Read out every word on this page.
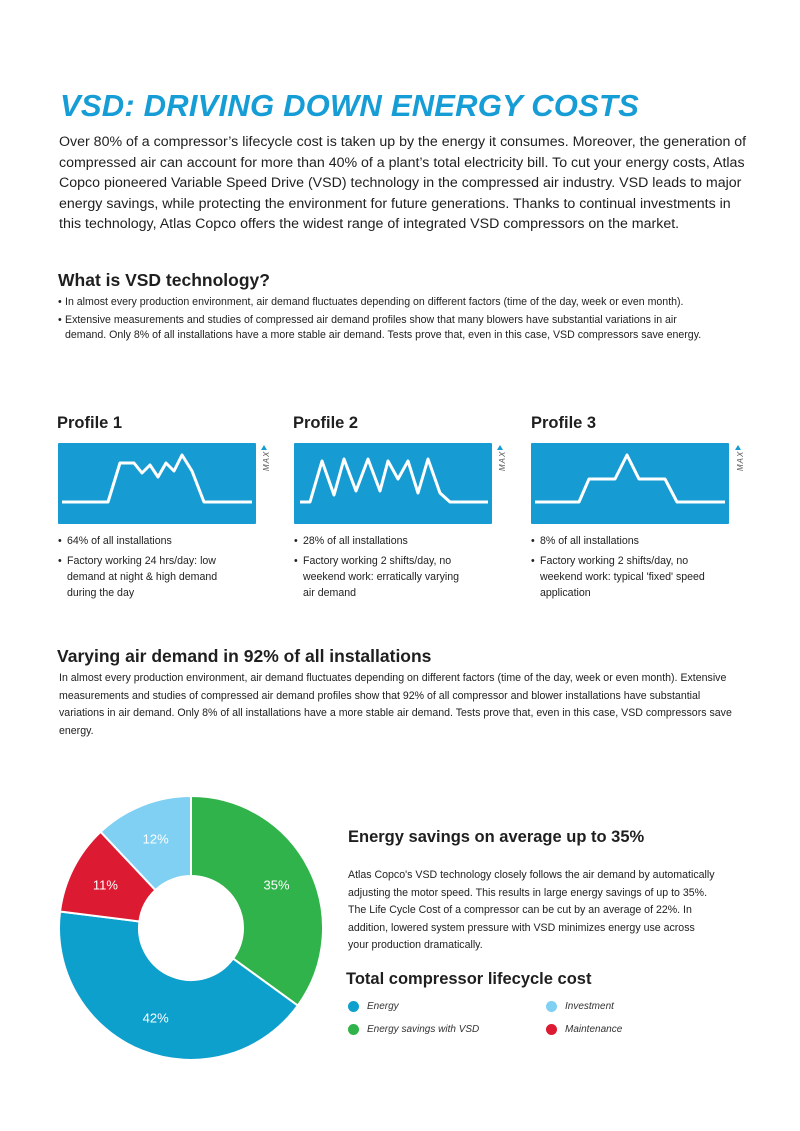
VSD: DRIVING DOWN ENERGY COSTS

Over 80% of a compressor’s lifecycle cost is taken up by the energy it consumes. Moreover, the generation of compressed air can account for more than 40% of a plant’s total electricity bill. To cut your energy costs, Atlas Copco pioneered Variable Speed Drive (VSD) technology in the compressed air industry. VSD leads to major energy savings, while protecting the environment for future generations. Thanks to continual investments in this technology, Atlas Copco offers the widest range of integrated VSD compressors on the market.

What is VSD technology?
• In almost every production environment, air demand fluctuates depending on different factors (time of the day, week or even month).
• Extensive measurements and studies of compressed air demand profiles show that many blowers have substantial variations in air demand. Only 8% of all installations have a more stable air demand. Tests prove that, even in this case, VSD compressors save energy.
Profile 1
MAX
• 64% of all installations
• Factory working 24 hrs/day: low demand at night & high demand during the day
Profile 2
MAX
• 28% of all installations
• Factory working 2 shifts/day, no weekend work: erratically varying air demand
Profile 3
MAX
• 8% of all installations
• Factory working 2 shifts/day, no weekend work: typical 'fixed' speed application
Varying air demand in 92% of all installations

In almost every production environment, air demand fluctuates depending on different factors (time of the day, week or even month). Extensive measurements and studies of compressed air demand profiles show that 92% of all compressor and blower installations have substantial variations in air demand. Only 8% of all installations have a more stable air demand. Tests prove that, even in this case, VSD compressors save energy.

35%
42%
11%
12%	Energy savings on average up to 35%

Atlas Copco's VSD technology closely follows the air demand by automatically adjusting the motor speed. This results in large energy savings of up to 35%. The Life Cycle Cost of a compressor can be cut by an average of 22%. In addition, lowered system pressure with VSD minimizes energy use across your production dramatically.

Total compressor lifecycle cost
Energy	Investment
Energy savings with VSD	Maintenance
